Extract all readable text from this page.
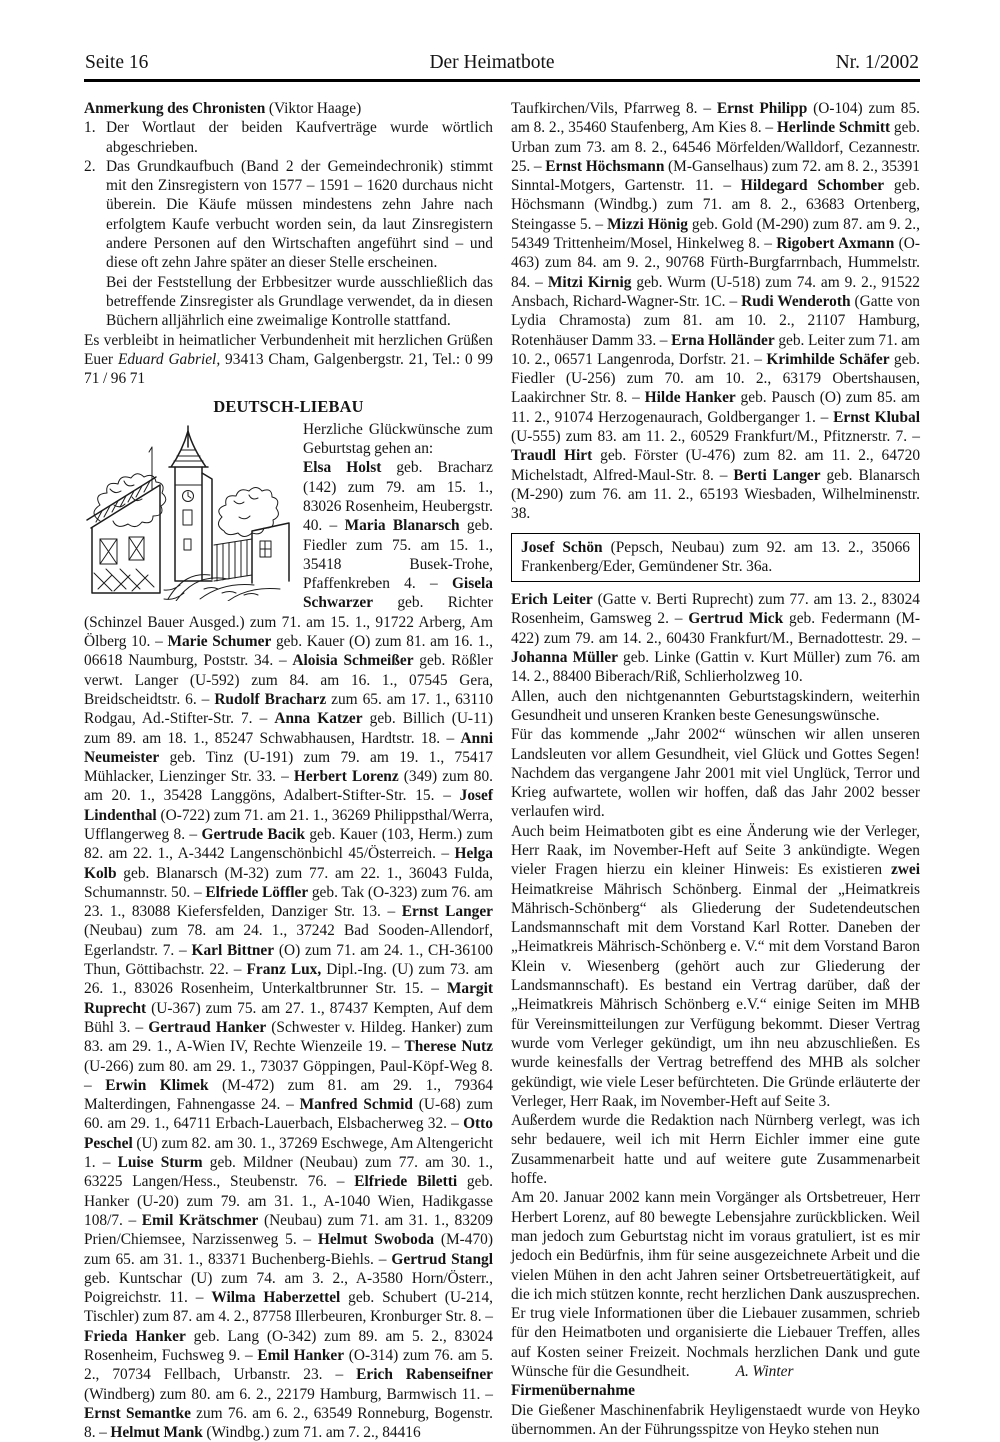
Seite 16	Der Heimatbote	Nr. 1/2002

Anmerkung des Chronisten (Viktor Haage)

1. Der Wortlaut der beiden Kaufverträge wurde wörtlich abgeschrieben.
2. Das Grundkaufbuch (Band 2 der Gemeindechronik) stimmt mit den Zinsregistern von 1577 – 1591 – 1620 durchaus nicht überein. Die Käufe müssen mindestens zehn Jahre nach erfolgtem Kaufe verbucht worden sein, da laut Zinsregistern andere Personen auf den Wirtschaften angeführt sind – und diese oft zehn Jahre später an dieser Stelle erscheinen.

Bei der Feststellung der Erbbesitzer wurde ausschließlich das betreffende Zinsregister als Grundlage verwendet, da in diesen Büchern alljährlich eine zweimalige Kontrolle stattfand.

Es verbleibt in heimatlicher Verbundenheit mit herzlichen Grüßen Euer Eduard Gabriel, 93413 Cham, Galgenbergstr. 21, Tel.: 0 99 71 / 96 71

DEUTSCH-LIEBAU

Herzliche Glückwünsche zum Geburtstag gehen an:

Elsa Holst geb. Bracharz (142) zum 79. am 15. 1., 83026 Rosenheim, Heubergstr. 40. – Maria Blanarsch geb. Fiedler zum 75. am 15. 1., 35418 Busek-Trohe, Pfaffenkreben 4. – Gisela Schwarzer geb. Richter (Schinzel Bauer Ausged.) zum 71. am 15. 1., 91722 Arberg, Am Ölberg 10. – Marie Schumer geb. Kauer (O) zum 81. am 16. 1., 06618 Naumburg, Poststr. 34. – Aloisia Schmeißer geb. Rößler verwt. Langer (U-592) zum 84. am 16. 1., 07545 Gera, Breidscheidtstr. 6. – Rudolf Bracharz zum 65. am 17. 1., 63110 Rodgau, Ad.-Stifter-Str. 7. – Anna Katzer geb. Billich (U-11) zum 89. am 18. 1., 85247 Schwabhausen, Hardtstr. 18. – Anni Neumeister geb. Tinz (U-191) zum 79. am 19. 1., 75417 Mühlacker, Lienzinger Str. 33. – Herbert Lorenz (349) zum 80. am 20. 1., 35428 Langgöns, Adalbert-Stifter-Str. 15. – Josef Lindenthal (O-722) zum 71. am 21. 1., 36269 Philippsthal/Werra, Ufflangerweg 8. – Gertrude Bacik geb. Kauer (103, Herm.) zum 82. am 22. 1., A-3442 Langenschönbichl 45/Österreich. – Helga Kolb geb. Blanarsch (M-32) zum 77. am 22. 1., 36043 Fulda, Schumannstr. 50. – Elfriede Löffler geb. Tak (O-323) zum 76. am 23. 1., 83088 Kiefersfelden, Danziger Str. 13. – Ernst Langer (Neubau) zum 78. am 24. 1., 37242 Bad Sooden-Allendorf, Egerlandstr. 7. – Karl Bittner (O) zum 71. am 24. 1., CH-36100 Thun, Göttibachstr. 22. – Franz Lux, Dipl.-Ing. (U) zum 73. am 26. 1., 83026 Rosenheim, Unterkaltbrunner Str. 15. – Margit Ruprecht (U-367) zum 75. am 27. 1., 87437 Kempten, Auf dem Bühl 3. – Gertraud Hanker (Schwester v. Hildeg. Hanker) zum 83. am 29. 1., A-Wien IV, Rechte Wienzeile 19. – Therese Nutz (U-266) zum 80. am 29. 1., 73037 Göppingen, Paul-Köpf-Weg 8. – Erwin Klimek (M-472) zum 81. am 29. 1., 79364 Malterdingen, Fahnengasse 24. – Manfred Schmid (U-68) zum 60. am 29. 1., 64711 Erbach-Lauerbach, Elsbacherweg 32. – Otto Peschel (U) zum 82. am 30. 1., 37269 Eschwege, Am Altengericht 1. – Luise Sturm geb. Mildner (Neubau) zum 77. am 30. 1., 63225 Langen/Hess., Steubenstr. 76. – Elfriede Biletti geb. Hanker (U-20) zum 79. am 31. 1., A-1040 Wien, Hadikgasse 108/7. – Emil Krätschmer (Neubau) zum 71. am 31. 1., 83209 Prien/Chiemsee, Narzissenweg 5. – Helmut Swoboda (M-470) zum 65. am 31. 1., 83371 Buchenberg-Biehls. – Gertrud Stangl geb. Kuntschar (U) zum 74. am 3. 2., A-3580 Horn/Österr., Poigreichstr. 11. – Wilma Haberzettel geb. Schubert (U-214, Tischler) zum 87. am 4. 2., 87758 Illerbeuren, Kronburger Str. 8. – Frieda Hanker geb. Lang (O-342) zum 89. am 5. 2., 83024 Rosenheim, Fuchsweg 9. – Emil Hanker (O-314) zum 76. am 5. 2., 70734 Fellbach, Urbanstr. 23. – Erich Rabenseifner (Windberg) zum 80. am 6. 2., 22179 Hamburg, Barmwisch 11. – Ernst Semantke zum 76. am 6. 2., 63549 Ronneburg, Bogenstr. 8. – Helmut Mank (Windbg.) zum 71. am 7. 2., 84416

Taufkirchen/Vils, Pfarrweg 8. – Ernst Philipp (O-104) zum 85. am 8. 2., 35460 Staufenberg, Am Kies 8. – Herlinde Schmitt geb. Urban zum 73. am 8. 2., 64546 Mörfelden/Walldorf, Cezannestr. 25. – Ernst Höchsmann (M-Ganselhaus) zum 72. am 8. 2., 35391 Sinntal-Motgers, Gartenstr. 11. – Hildegard Schomber geb. Höchsmann (Windbg.) zum 71. am 8. 2., 63683 Ortenberg, Steingasse 5. – Mizzi Hönig geb. Gold (M-290) zum 87. am 9. 2., 54349 Trittenheim/Mosel, Hinkelweg 8. – Rigobert Axmann (O-463) zum 84. am 9. 2., 90768 Fürth-Burgfarrnbach, Hummelstr. 84. – Mitzi Kirnig geb. Wurm (U-518) zum 74. am 9. 2., 91522 Ansbach, Richard-Wagner-Str. 1C. – Rudi Wenderoth (Gatte von Lydia Chramosta) zum 81. am 10. 2., 21107 Hamburg, Rotenhäuser Damm 33. – Erna Holländer geb. Leiter zum 71. am 10. 2., 06571 Langenroda, Dorfstr. 21. – Krimhilde Schäfer geb. Fiedler (U-256) zum 70. am 10. 2., 63179 Obertshausen, Laakirchner Str. 8. – Hilde Hanker geb. Pausch (O) zum 85. am 11. 2., 91074 Herzogenaurach, Goldberganger 1. – Ernst Klubal (U-555) zum 83. am 11. 2., 60529 Frankfurt/M., Pfitznerstr. 7. – Traudl Hirt geb. Förster (U-476) zum 82. am 11. 2., 64720 Michelstadt, Alfred-Maul-Str. 8. – Berti Langer geb. Blanarsch (M-290) zum 76. am 11. 2., 65193 Wiesbaden, Wilhelminenstr. 38.

Josef Schön (Pepsch, Neubau) zum 92. am 13. 2., 35066 Frankenberg/Eder, Gemündener Str. 36a.

Erich Leiter (Gatte v. Berti Ruprecht) zum 77. am 13. 2., 83024 Rosenheim, Gamsweg 2. – Gertrud Mick geb. Federmann (M-422) zum 79. am 14. 2., 60430 Frankfurt/M., Bernadottestr. 29. – Johanna Müller geb. Linke (Gattin v. Kurt Müller) zum 76. am 14. 2., 88400 Biberach/Riß, Schlierholzweg 10.

Allen, auch den nichtgenannten Geburtstagskindern, weiterhin Gesundheit und unseren Kranken beste Genesungswünsche.

Für das kommende „Jahr 2002“ wünschen wir allen unseren Landsleuten vor allem Gesundheit, viel Glück und Gottes Segen! Nachdem das vergangene Jahr 2001 mit viel Unglück, Terror und Krieg aufwartete, wollen wir hoffen, daß das Jahr 2002 besser verlaufen wird.

Auch beim Heimatboten gibt es eine Änderung wie der Verleger, Herr Raak, im November-Heft auf Seite 3 ankündigte. Wegen vieler Fragen hierzu ein kleiner Hinweis: Es existieren zwei Heimatkreise Mährisch Schönberg. Einmal der „Heimatkreis Mährisch-Schönberg“ als Gliederung der Sudetendeutschen Landsmannschaft mit dem Vorstand Karl Rotter. Daneben der „Heimatkreis Mährisch-Schönberg e. V.“ mit dem Vorstand Baron Klein v. Wiesenberg (gehört auch zur Gliederung der Landsmannschaft). Es bestand ein Vertrag darüber, daß der „Heimatkreis Mährisch Schönberg e.V.“ einige Seiten im MHB für Vereinsmitteilungen zur Verfügung bekommt. Dieser Vertrag wurde vom Verleger gekündigt, um ihn neu abzuschließen. Es wurde keinesfalls der Vertrag betreffend des MHB als solcher gekündigt, wie viele Leser befürchteten. Die Gründe erläuterte der Verleger, Herr Raak, im November-Heft auf Seite 3.

Außerdem wurde die Redaktion nach Nürnberg verlegt, was ich sehr bedauere, weil ich mit Herrn Eichler immer eine gute Zusammenarbeit hatte und auf weitere gute Zusammenarbeit hoffe.

Am 20. Januar 2002 kann mein Vorgänger als Ortsbetreuer, Herr Herbert Lorenz, auf 80 bewegte Lebensjahre zurückblicken. Weil man jedoch zum Geburtstag nicht im voraus gratuliert, ist es mir jedoch ein Bedürfnis, ihm für seine ausgezeichnete Arbeit und die vielen Mühen in den acht Jahren seiner Ortsbetreuertätigkeit, auf die ich mich stützen konnte, recht herzlichen Dank auszusprechen. Er trug viele Informationen über die Liebauer zusammen, schrieb für den Heimatboten und organisierte die Liebauer Treffen, alles auf Kosten seiner Freizeit. Nochmals herzlichen Dank und gute Wünsche für die Gesundheit.	A. Winter

Firmenübernahme

Die Gießener Maschinenfabrik Heyligenstaedt wurde von Heyko übernommen. An der Führungsspitze von Heyko stehen nun
